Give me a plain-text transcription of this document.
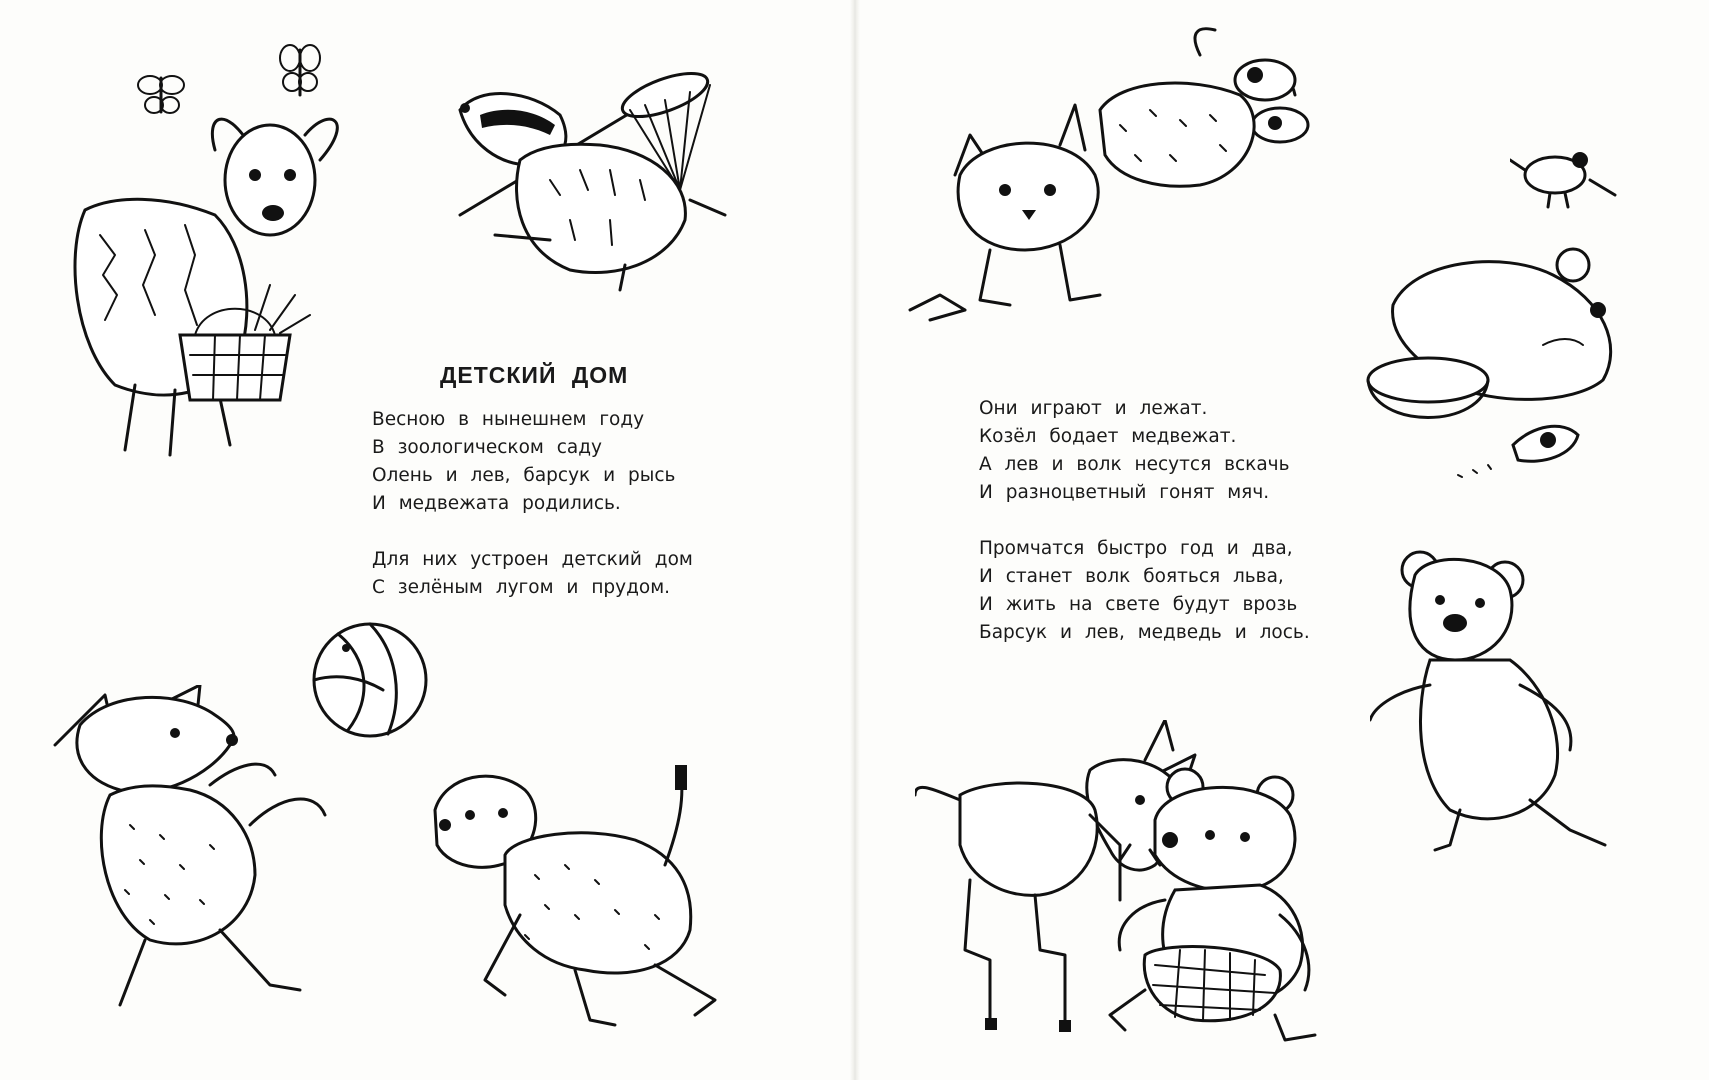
ДЕТСКИЙ ДОМ
Весною в нынешнем году
В зоологическом саду
Олень и лев, барсук и рысь
И медвежата родились.
Для них устроен детский дом
С зелёным лугом и прудом.
Они играют и лежат.
Козёл бодает медвежат.
А лев и волк несутся вскачь
И разноцветный гонят мяч.
Промчатся быстро год и два,
И станет волк бояться льва,
И жить на свете будут врозь
Барсук и лев, медведь и лось.
